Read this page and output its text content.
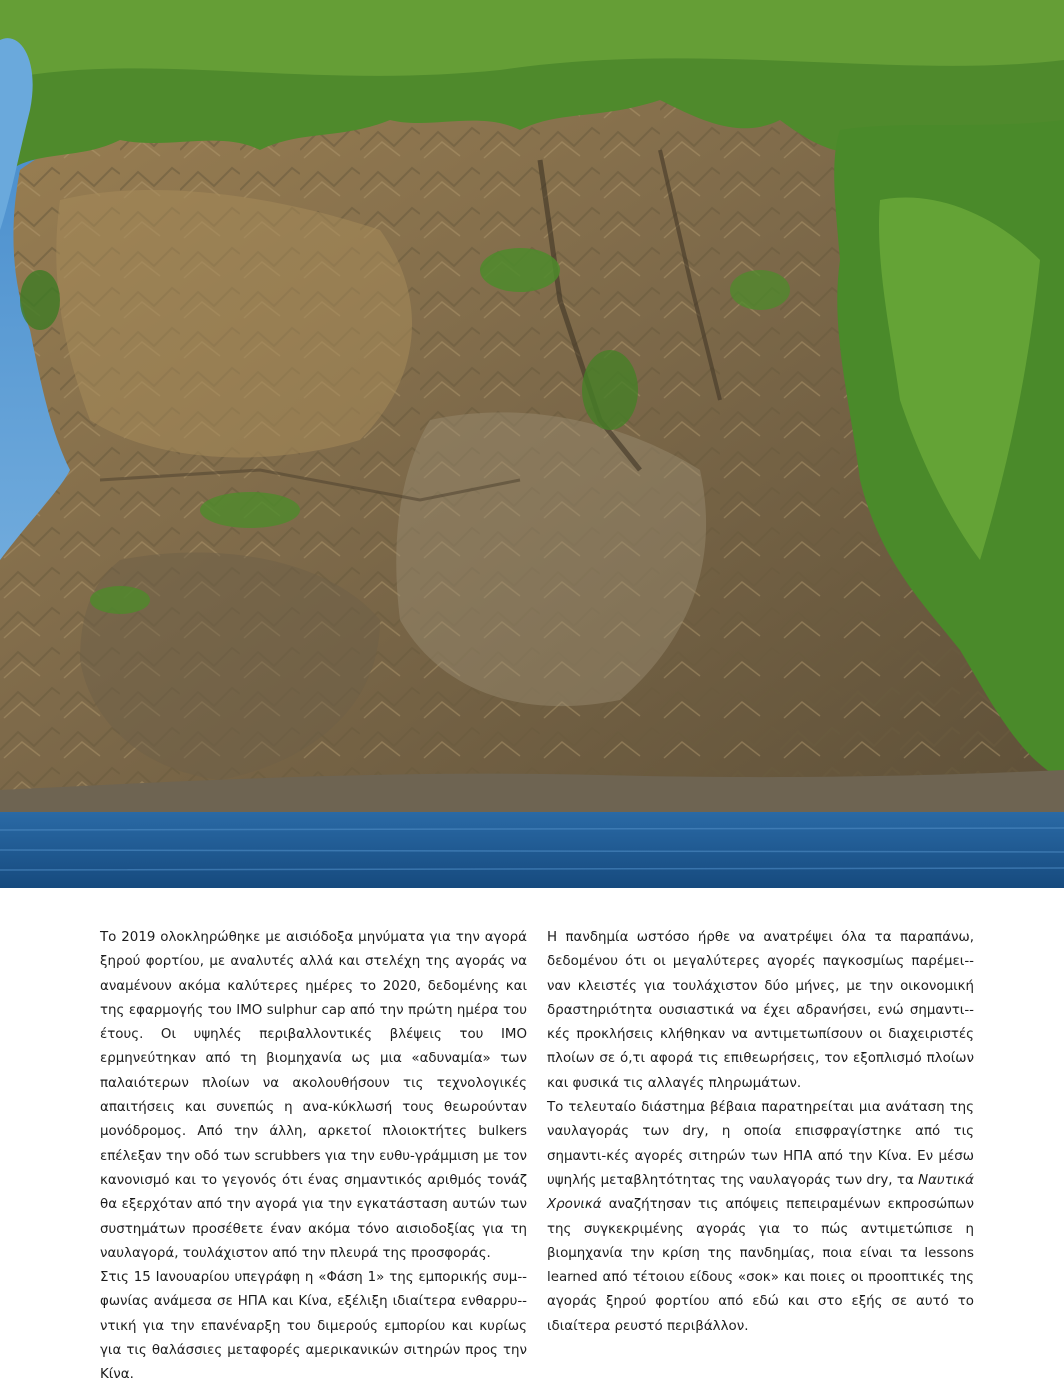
Το 2019 ολοκληρώθηκε με αισιόδοξα μηνύματα για την αγορά ξηρού φορτίου, με αναλυτές αλλά και στελέχη της αγοράς να αναμένουν ακόμα καλύτερες ημέρες το 2020, δεδομένης και της εφαρμογής του IMO sulphur cap από την πρώτη ημέρα του έτους. Οι υψηλές περιβαλλοντικές βλέψεις του IMO ερμηνεύτηκαν από τη βιομηχανία ως μια «αδυναμία» των παλαιότερων πλοίων να ακολουθήσουν τις τεχνολογικές απαιτήσεις και συνεπώς η ανα-κύκλωσή τους θεωρούνταν μονόδρομος. Από την άλλη, αρκετοί πλοιοκτήτες bulkers επέλεξαν την οδό των scrubbers για την ευθυ-γράμμιση με τον κανονισμό και το γεγονός ότι ένας σημαντικός αριθμός τονάζ θα εξερχόταν από την αγορά για την εγκατάσταση αυτών των συστημάτων προσέθετε έναν ακόμα τόνο αισιοδοξίας για τη ναυλαγορά, τουλάχιστον από την πλευρά της προσφοράς.

Στις 15 Ιανουαρίου υπεγράφη η «Φάση 1» της εμπορικής συμ-φωνίας ανάμεσα σε ΗΠΑ και Κίνα, εξέλιξη ιδιαίτερα ενθαρρυ-ντική για την επανέναρξη του διμερούς εμπορίου και κυρίως για τις θαλάσσιες μεταφορές αμερικανικών σιτηρών προς την Κίνα.

Η πανδημία ωστόσο ήρθε να ανατρέψει όλα τα παραπάνω, δεδομένου ότι οι μεγαλύτερες αγορές παγκοσμίως παρέμει-ναν κλειστές για τουλάχιστον δύο μήνες, με την οικονομική δραστηριότητα ουσιαστικά να έχει αδρανήσει, ενώ σημαντι-κές προκλήσεις κλήθηκαν να αντιμετωπίσουν οι διαχειριστές πλοίων σε ό,τι αφορά τις επιθεωρήσεις, τον εξοπλισμό πλοίων και φυσικά τις αλλαγές πληρωμάτων.

Το τελευταίο διάστημα βέβαια παρατηρείται μια ανάταση της ναυλαγοράς των dry, η οποία επισφραγίστηκε από τις σημαντι-κές αγορές σιτηρών των ΗΠΑ από την Κίνα. Εν μέσω υψηλής μεταβλητότητας της ναυλαγοράς των dry, τα Ναυτικά Χρονικά αναζήτησαν τις απόψεις πεπειραμένων εκπροσώπων της συγκεκριμένης αγοράς για το πώς αντιμετώπισε η βιομηχανία την κρίση της πανδημίας, ποια είναι τα lessons learned από τέτοιου είδους «σοκ» και ποιες οι προοπτικές της αγοράς ξηρού φορτίου από εδώ και στο εξής σε αυτό το ιδιαίτερα ρευστό περιβάλλον.
